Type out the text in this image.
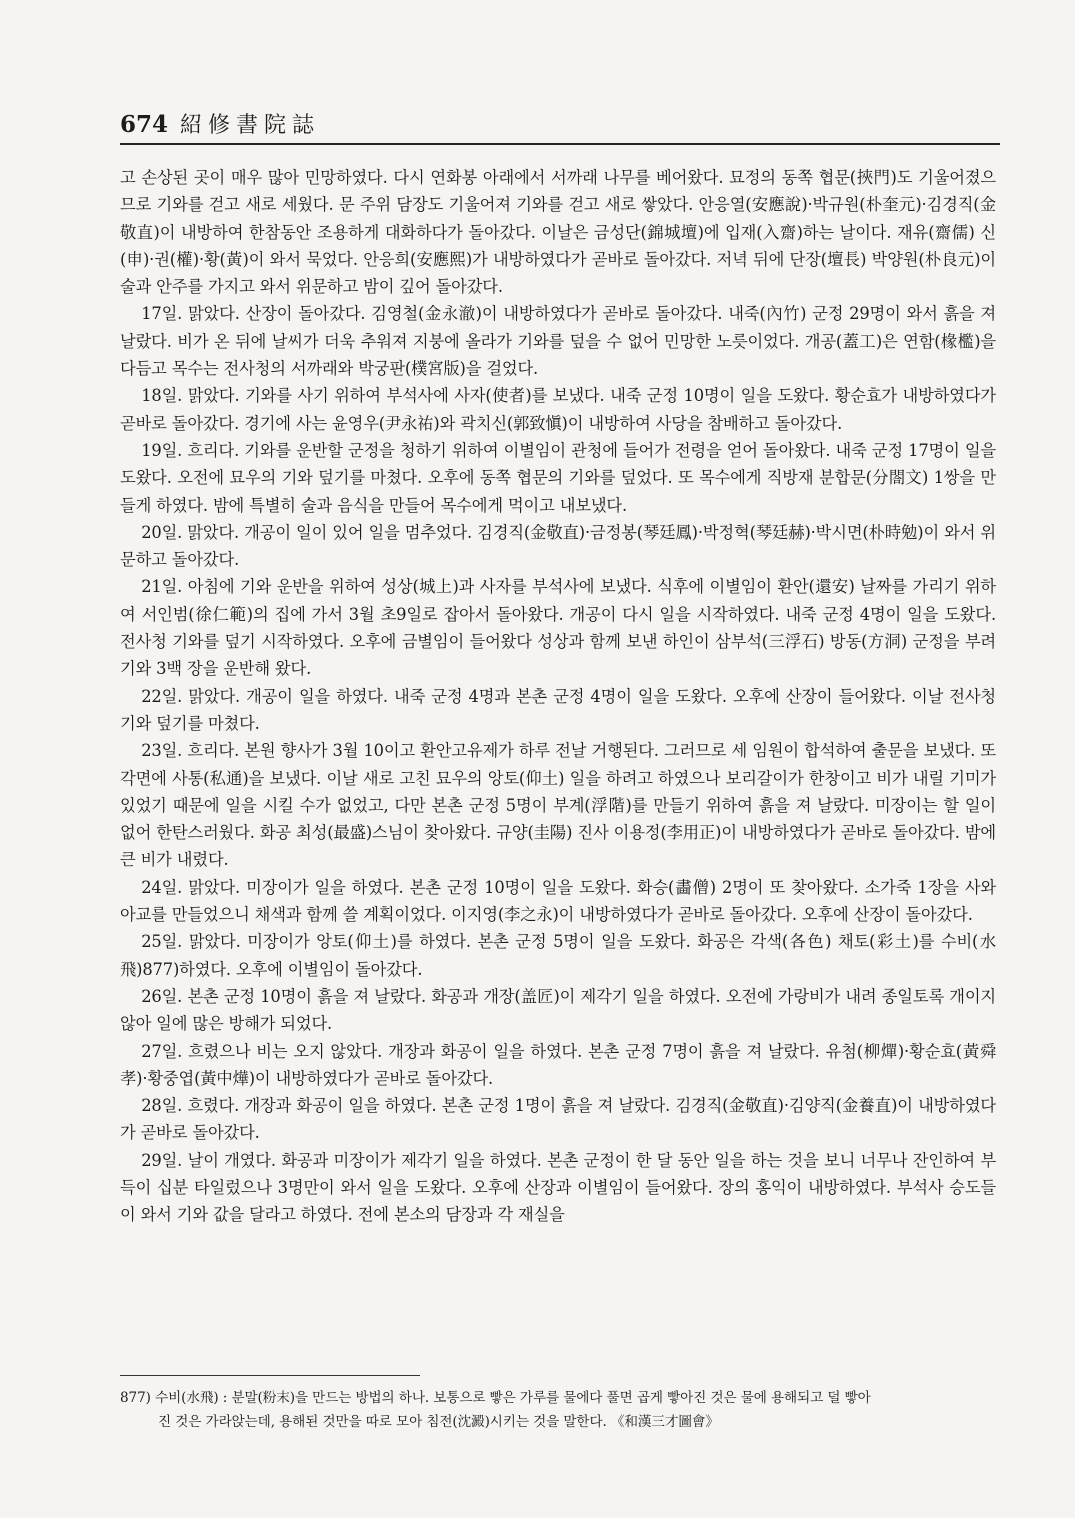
674 紹修書院誌

고 손상된 곳이 매우 많아 민망하였다. 다시 연화봉 아래에서 서까래 나무를 베어왔다. 묘정의 동쪽 협문(挾門)도 기울어졌으므로 기와를 걷고 새로 세웠다. 문 주위 담장도 기울어져 기와를 걷고 새로 쌓았다. 안응열(安應說)·박규원(朴奎元)·김경직(金敬直)이 내방하여 한참동안 조용하게 대화하다가 돌아갔다. 이날은 금성단(錦城壇)에 입재(入齋)하는 날이다. 재유(齋儒) 신(申)·권(權)·황(黃)이 와서 묵었다. 안응희(安應熙)가 내방하였다가 곧바로 돌아갔다. 저녁 뒤에 단장(壇長) 박양원(朴良元)이 술과 안주를 가지고 와서 위문하고 밤이 깊어 돌아갔다.

17일. 맑았다. 산장이 돌아갔다. 김영철(金永澈)이 내방하였다가 곧바로 돌아갔다. 내죽(內竹) 군정 29명이 와서 흙을 져 날랐다. 비가 온 뒤에 날씨가 더욱 추워져 지붕에 올라가 기와를 덮을 수 없어 민망한 노릇이었다. 개공(蓋工)은 연함(椽檻)을 다듬고 목수는 전사청의 서까래와 박궁판(樸宮版)을 걸었다.

18일. 맑았다. 기와를 사기 위하여 부석사에 사자(使者)를 보냈다. 내죽 군정 10명이 일을 도왔다. 황순효가 내방하였다가 곧바로 돌아갔다. 경기에 사는 윤영우(尹永祐)와 곽치신(郭致愼)이 내방하여 사당을 참배하고 돌아갔다.

19일. 흐리다. 기와를 운반할 군정을 청하기 위하여 이별임이 관청에 들어가 전령을 얻어 돌아왔다. 내죽 군정 17명이 일을 도왔다. 오전에 묘우의 기와 덮기를 마쳤다. 오후에 동쪽 협문의 기와를 덮었다. 또 목수에게 직방재 분합문(分閤文) 1쌍을 만들게 하였다. 밤에 특별히 술과 음식을 만들어 목수에게 먹이고 내보냈다.

20일. 맑았다. 개공이 일이 있어 일을 멈추었다. 김경직(金敬直)·금정봉(琴廷鳳)·박정혁(琴廷赫)·박시면(朴時勉)이 와서 위문하고 돌아갔다.

21일. 아침에 기와 운반을 위하여 성상(城上)과 사자를 부석사에 보냈다. 식후에 이별임이 환안(還安) 날짜를 가리기 위하여 서인범(徐仁範)의 집에 가서 3월 초9일로 잡아서 돌아왔다. 개공이 다시 일을 시작하였다. 내죽 군정 4명이 일을 도왔다. 전사청 기와를 덮기 시작하였다. 오후에 금별임이 들어왔다 성상과 함께 보낸 하인이 삼부석(三浮石) 방동(方洞) 군정을 부려 기와 3백 장을 운반해 왔다.

22일. 맑았다. 개공이 일을 하였다. 내죽 군정 4명과 본촌 군정 4명이 일을 도왔다. 오후에 산장이 들어왔다. 이날 전사청 기와 덮기를 마쳤다.

23일. 흐리다. 본원 향사가 3월 10이고 환안고유제가 하루 전날 거행된다. 그러므로 세 임원이 합석하여 출문을 보냈다. 또 각면에 사통(私通)을 보냈다. 이날 새로 고친 묘우의 앙토(仰土) 일을 하려고 하였으나 보리갈이가 한창이고 비가 내릴 기미가 있었기 때문에 일을 시킬 수가 없었고, 다만 본촌 군정 5명이 부계(浮階)를 만들기 위하여 흙을 져 날랐다. 미장이는 할 일이 없어 한탄스러웠다. 화공 최성(最盛)스님이 찾아왔다. 규양(圭陽) 진사 이용정(李用正)이 내방하였다가 곧바로 돌아갔다. 밤에 큰 비가 내렸다.

24일. 맑았다. 미장이가 일을 하였다. 본촌 군정 10명이 일을 도왔다. 화승(畵僧) 2명이 또 찾아왔다. 소가죽 1장을 사와 아교를 만들었으니 채색과 함께 쓸 계획이었다. 이지영(李之永)이 내방하였다가 곧바로 돌아갔다. 오후에 산장이 돌아갔다.

25일. 맑았다. 미장이가 앙토(仰土)를 하였다. 본촌 군정 5명이 일을 도왔다. 화공은 각색(各色) 채토(彩土)를 수비(水飛)877)하였다. 오후에 이별임이 돌아갔다.

26일. 본촌 군정 10명이 흙을 져 날랐다. 화공과 개장(盖匠)이 제각기 일을 하였다. 오전에 가랑비가 내려 종일토록 개이지 않아 일에 많은 방해가 되었다.

27일. 흐렸으나 비는 오지 않았다. 개장과 화공이 일을 하였다. 본촌 군정 7명이 흙을 져 날랐다. 유첨(柳燀)·황순효(黃舜孝)·황중엽(黃中燁)이 내방하였다가 곧바로 돌아갔다.

28일. 흐렸다. 개장과 화공이 일을 하였다. 본촌 군정 1명이 흙을 져 날랐다. 김경직(金敬直)·김양직(金養直)이 내방하였다가 곧바로 돌아갔다.

29일. 날이 개였다. 화공과 미장이가 제각기 일을 하였다. 본촌 군정이 한 달 동안 일을 하는 것을 보니 너무나 잔인하여 부득이 십분 타일렀으나 3명만이 와서 일을 도왔다. 오후에 산장과 이별임이 들어왔다. 장의 홍익이 내방하였다. 부석사 승도들이 와서 기와 값을 달라고 하였다. 전에 본소의 담장과 각 재실을

877) 수비(水飛) : 분말(粉末)을 만드는 방법의 하나. 보통으로 빻은 가루를 물에다 풀면 곱게 빻아진 것은 물에 용해되고 덜 빻아
진 것은 가라앉는데, 용해된 것만을 따로 모아 침전(沈澱)시키는 것을 말한다. 《和漢三才圖會》
